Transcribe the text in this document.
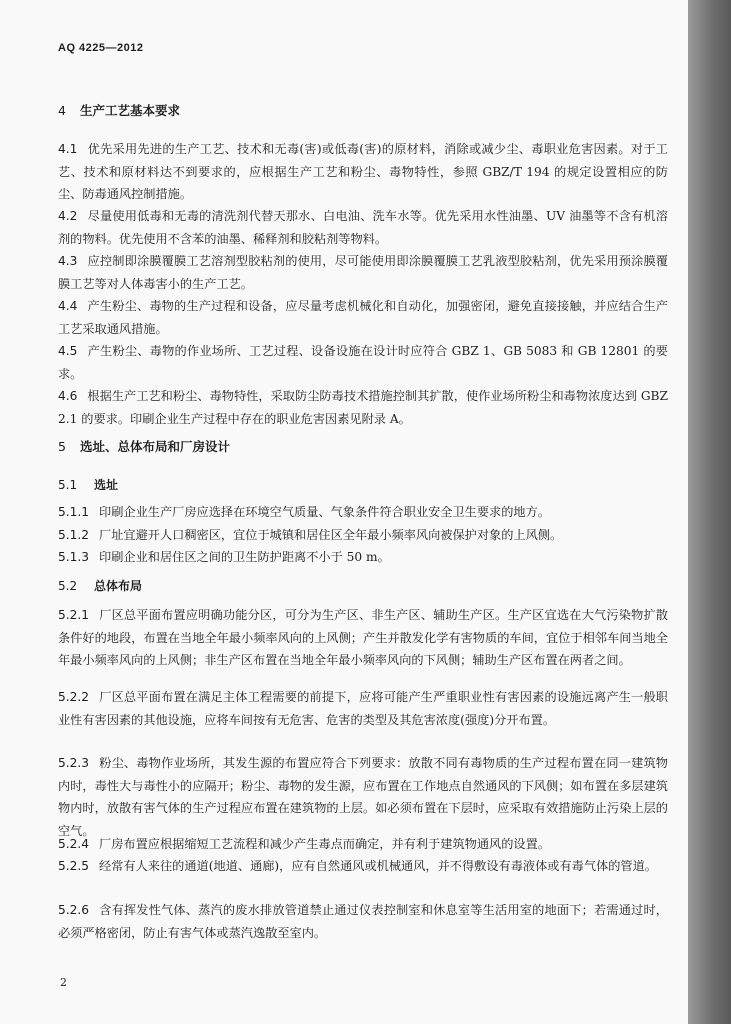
AQ 4225—2012
4 生产工艺基本要求
4.1 优先采用先进的生产工艺、技术和无毒(害)或低毒(害)的原材料，消除或减少尘、毒职业危害因素。对于工艺、技术和原材料达不到要求的，应根据生产工艺和粉尘、毒物特性，参照 GBZ/T 194 的规定设置相应的防尘、防毒通风控制措施。
4.2 尽量使用低毒和无毒的清洗剂代替天那水、白电油、洗车水等。优先采用水性油墨、UV 油墨等不含有机溶剂的物料。优先使用不含苯的油墨、稀释剂和胶粘剂等物料。
4.3 应控制即涂膜覆膜工艺溶剂型胶粘剂的使用，尽可能使用即涂膜覆膜工艺乳液型胶粘剂，优先采用预涂膜覆膜工艺等对人体毒害小的生产工艺。
4.4 产生粉尘、毒物的生产过程和设备，应尽量考虑机械化和自动化，加强密闭，避免直接接触，并应结合生产工艺采取通风措施。
4.5 产生粉尘、毒物的作业场所、工艺过程、设备设施在设计时应符合 GBZ 1、GB 5083 和 GB 12801 的要求。
4.6 根据生产工艺和粉尘、毒物特性，采取防尘防毒技术措施控制其扩散，使作业场所粉尘和毒物浓度达到 GBZ 2.1 的要求。印刷企业生产过程中存在的职业危害因素见附录 A。
5 选址、总体布局和厂房设计
5.1 选址
5.1.1 印刷企业生产厂房应选择在环境空气质量、气象条件符合职业安全卫生要求的地方。
5.1.2 厂址宜避开人口稠密区，宜位于城镇和居住区全年最小频率风向被保护对象的上风侧。
5.1.3 印刷企业和居住区之间的卫生防护距离不小于 50 m。
5.2 总体布局
5.2.1 厂区总平面布置应明确功能分区，可分为生产区、非生产区、辅助生产区。生产区宜选在大气污染物扩散条件好的地段，布置在当地全年最小频率风向的上风侧；产生并散发化学有害物质的车间，宜位于相邻车间当地全年最小频率风向的上风侧；非生产区布置在当地全年最小频率风向的下风侧；辅助生产区布置在两者之间。
5.2.2 厂区总平面布置在满足主体工程需要的前提下，应将可能产生严重职业性有害因素的设施远离产生一般职业性有害因素的其他设施，应将车间按有无危害、危害的类型及其危害浓度(强度)分开布置。
5.2.3 粉尘、毒物作业场所，其发生源的布置应符合下列要求：放散不同有毒物质的生产过程布置在同一建筑物内时，毒性大与毒性小的应隔开；粉尘、毒物的发生源，应布置在工作地点自然通风的下风侧；如布置在多层建筑物内时，放散有害气体的生产过程应布置在建筑物的上层。如必须布置在下层时，应采取有效措施防止污染上层的空气。
5.2.4 厂房布置应根据缩短工艺流程和减少产生毒点而确定，并有利于建筑物通风的设置。
5.2.5 经常有人来往的通道(地道、通廊)，应有自然通风或机械通风，并不得敷设有毒液体或有毒气体的管道。
5.2.6 含有挥发性气体、蒸汽的废水排放管道禁止通过仪表控制室和休息室等生活用室的地面下；若需通过时，必须严格密闭，防止有害气体或蒸汽逸散至室内。
2
